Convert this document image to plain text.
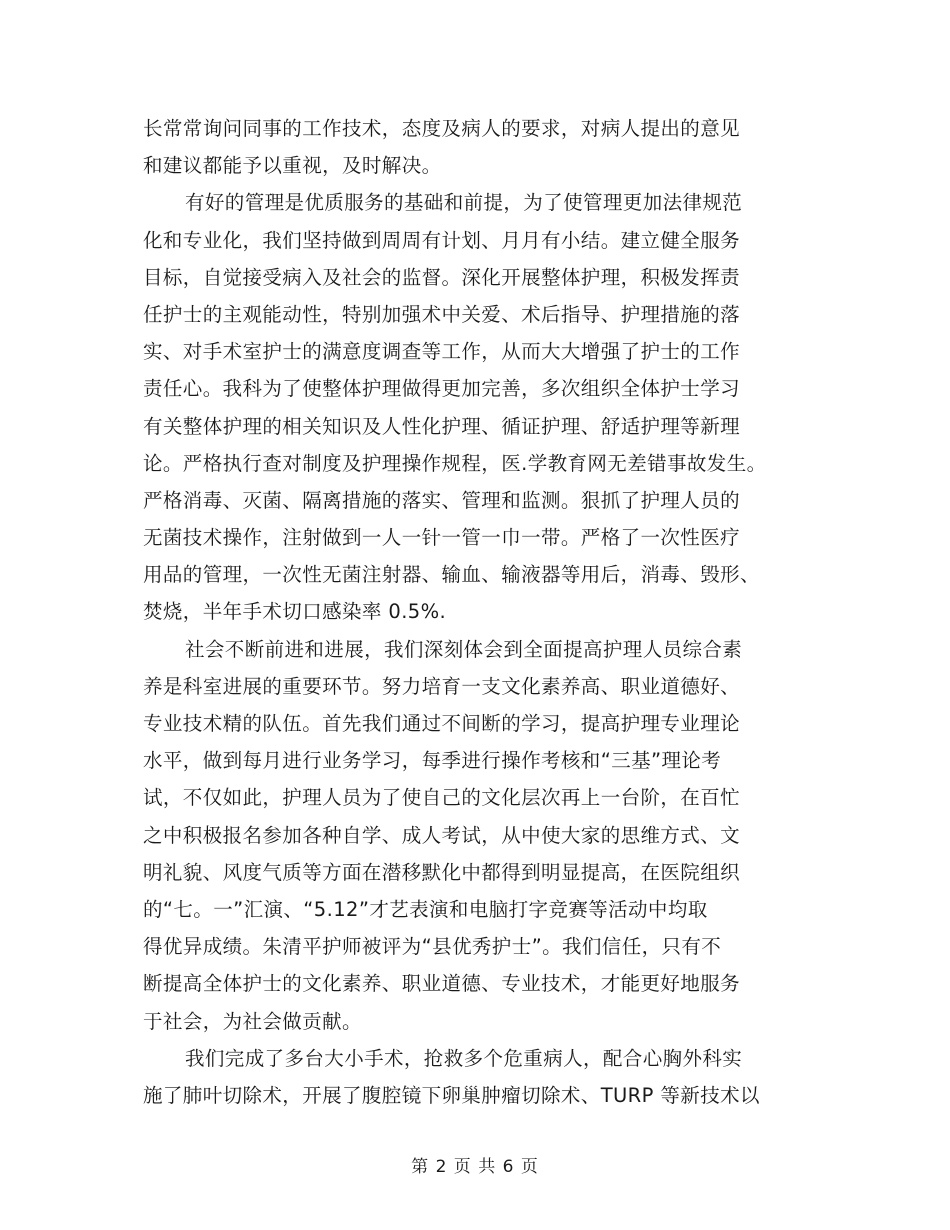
长常常询问同事的工作技术，态度及病人的要求，对病人提出的意见
和建议都能予以重视，及时解决。
有好的管理是优质服务的基础和前提，为了使管理更加法律规范
化和专业化，我们坚持做到周周有计划、月月有小结。建立健全服务
目标，自觉接受病入及社会的监督。深化开展整体护理，积极发挥责
任护士的主观能动性，特别加强术中关爱、术后指导、护理措施的落
实、对手术室护士的满意度调查等工作，从而大大增强了护士的工作
责任心。我科为了使整体护理做得更加完善，多次组织全体护士学习
有关整体护理的相关知识及人性化护理、循证护理、舒适护理等新理
论。严格执行查对制度及护理操作规程，医.学教育网无差错事故发生。
严格消毒、灭菌、隔离措施的落实、管理和监测。狠抓了护理人员的
无菌技术操作，注射做到一人一针一管一巾一带。严格了一次性医疗
用品的管理，一次性无菌注射器、输血、输液器等用后，消毒、毁形、
焚烧，半年手术切口感染率 0.5%.
社会不断前进和进展，我们深刻体会到全面提高护理人员综合素
养是科室进展的重要环节。努力培育一支文化素养高、职业道德好、
专业技术精的队伍。首先我们通过不间断的学习，提高护理专业理论
水平，做到每月进行业务学习，每季进行操作考核和“三基”理论考
试，不仅如此，护理人员为了使自己的文化层次再上一台阶，在百忙
之中积极报名参加各种自学、成人考试，从中使大家的思维方式、文
明礼貌、风度气质等方面在潜移默化中都得到明显提高，在医院组织
的“七。一”汇演、“5.12”才艺表演和电脑打字竞赛等活动中均取
得优异成绩。朱清平护师被评为“县优秀护士”。我们信任，只有不
断提高全体护士的文化素养、职业道德、专业技术，才能更好地服务
于社会，为社会做贡献。
我们完成了多台大小手术，抢救多个危重病人，配合心胸外科实
施了肺叶切除术，开展了腹腔镜下卵巢肿瘤切除术、TURP 等新技术以
第 2 页 共 6 页
